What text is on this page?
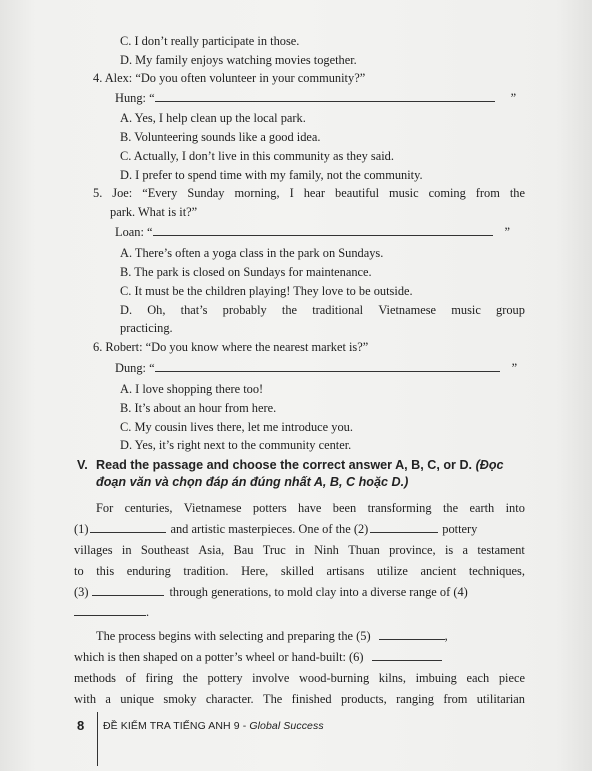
C. I don’t really participate in those.
D. My family enjoys watching movies together.
4. Alex: “Do you often volunteer in your community?”
Hung: “	”
A. Yes, I help clean up the local park.
B. Volunteering sounds like a good idea.
C. Actually, I don’t live in this community as they said.
D. I prefer to spend time with my family, not the community.
5. Joe: “Every Sunday morning, I hear beautiful music coming from the
park. What is it?”
Loan: “	”
A. There’s often a yoga class in the park on Sundays.
B. The park is closed on Sundays for maintenance.
C. It must be the children playing! They love to be outside.
D. Oh, that’s probably the traditional Vietnamese music group
practicing.
6. Robert: “Do you know where the nearest market is?”
Dung: “	”
A. I love shopping there too!
B. It’s about an hour from here.
C. My cousin lives there, let me introduce you.
D. Yes, it’s right next to the community center.
V. Read the passage and choose the correct answer A, B, C, or D. (Đọc
đoạn văn và chọn đáp án đúng nhất A, B, C hoặc D.)
For centuries, Vietnamese potters have been transforming the earth into
(1)	and artistic masterpieces. One of the (2)	pottery
villages in Southeast Asia, Bau Truc in Ninh Thuan province, is a testament
to this enduring tradition. Here, skilled artisans utilize ancient techniques,
(3)	through generations, to mold clay into a diverse range of (4)
.
The process begins with selecting and preparing the (5)	,
which is then shaped on a potter’s wheel or hand-built: (6)
methods of firing the pottery involve wood-burning kilns, imbuing each piece
with a unique smoky character. The finished products, ranging from utilitarian
8 ĐỀ KIỂM TRA TIẾNG ANH 9 - Global Success
